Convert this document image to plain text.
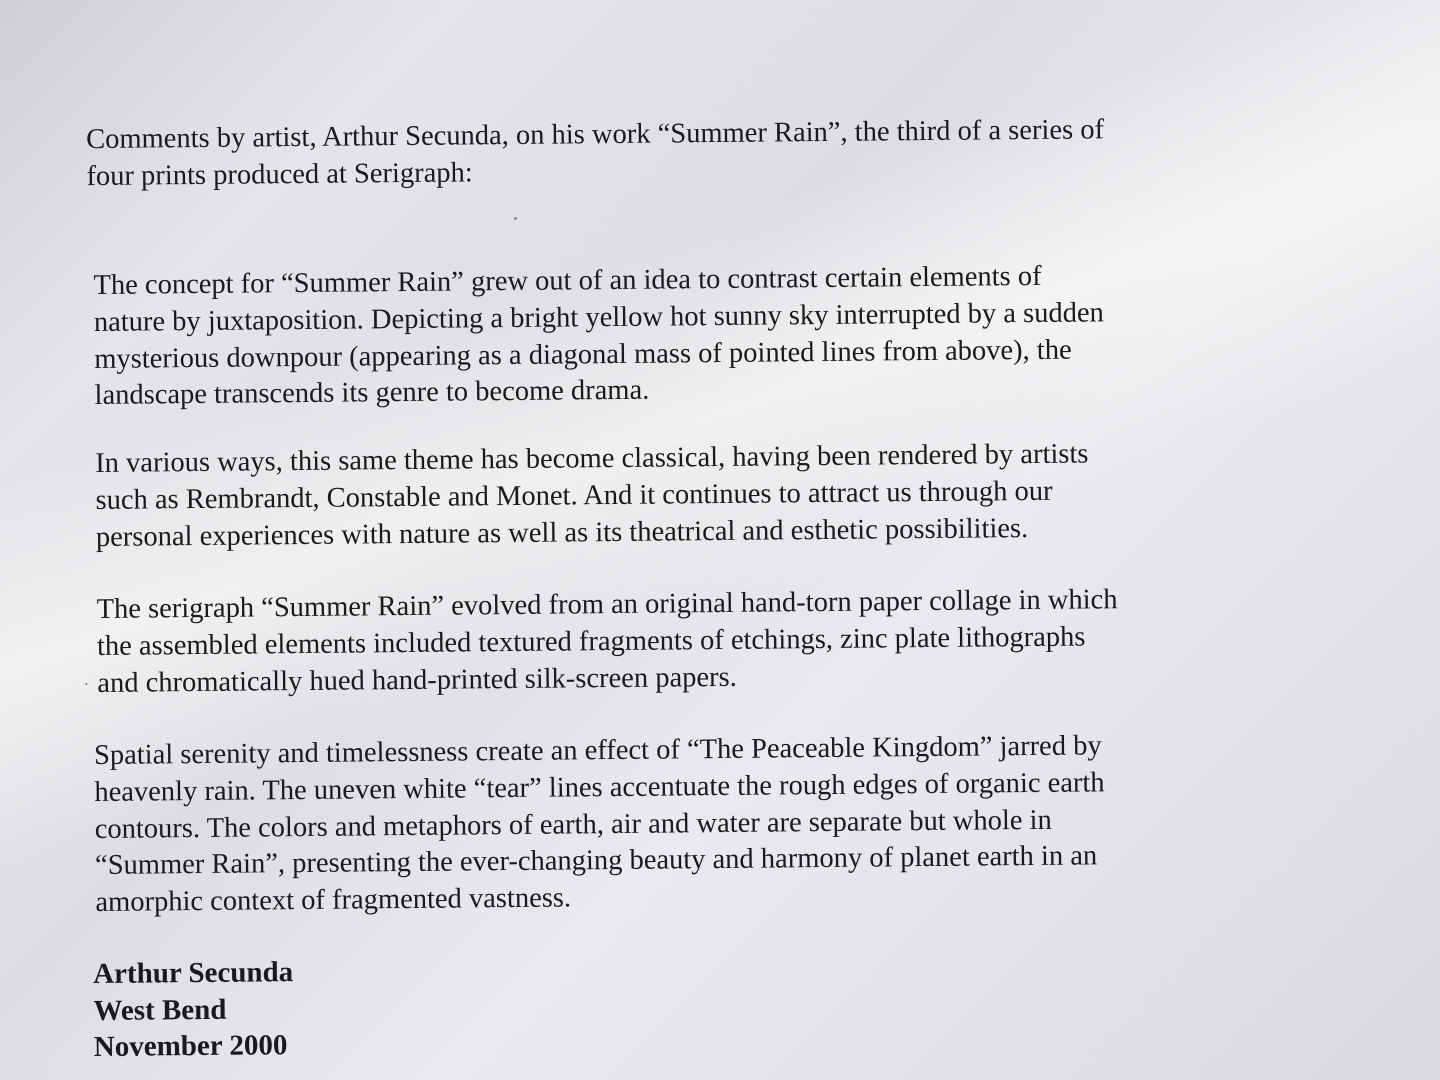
Comments by artist, Arthur Secunda, on his work “Summer Rain”, the third of a series of
four prints produced at Serigraph:
The concept for “Summer Rain” grew out of an idea to contrast certain elements of
nature by juxtaposition. Depicting a bright yellow hot sunny sky interrupted by a sudden
mysterious downpour (appearing as a diagonal mass of pointed lines from above), the
landscape transcends its genre to become drama.
In various ways, this same theme has become classical, having been rendered by artists
such as Rembrandt, Constable and Monet. And it continues to attract us through our
personal experiences with nature as well as its theatrical and esthetic possibilities.
The serigraph “Summer Rain” evolved from an original hand-torn paper collage in which
the assembled elements included textured fragments of etchings, zinc plate lithographs
and chromatically hued hand-printed silk-screen papers.
Spatial serenity and timelessness create an effect of “The Peaceable Kingdom” jarred by
heavenly rain. The uneven white “tear” lines accentuate the rough edges of organic earth
contours. The colors and metaphors of earth, air and water are separate but whole in
“Summer Rain”, presenting the ever-changing beauty and harmony of planet earth in an
amorphic context of fragmented vastness.
Arthur Secunda
West Bend
November 2000
